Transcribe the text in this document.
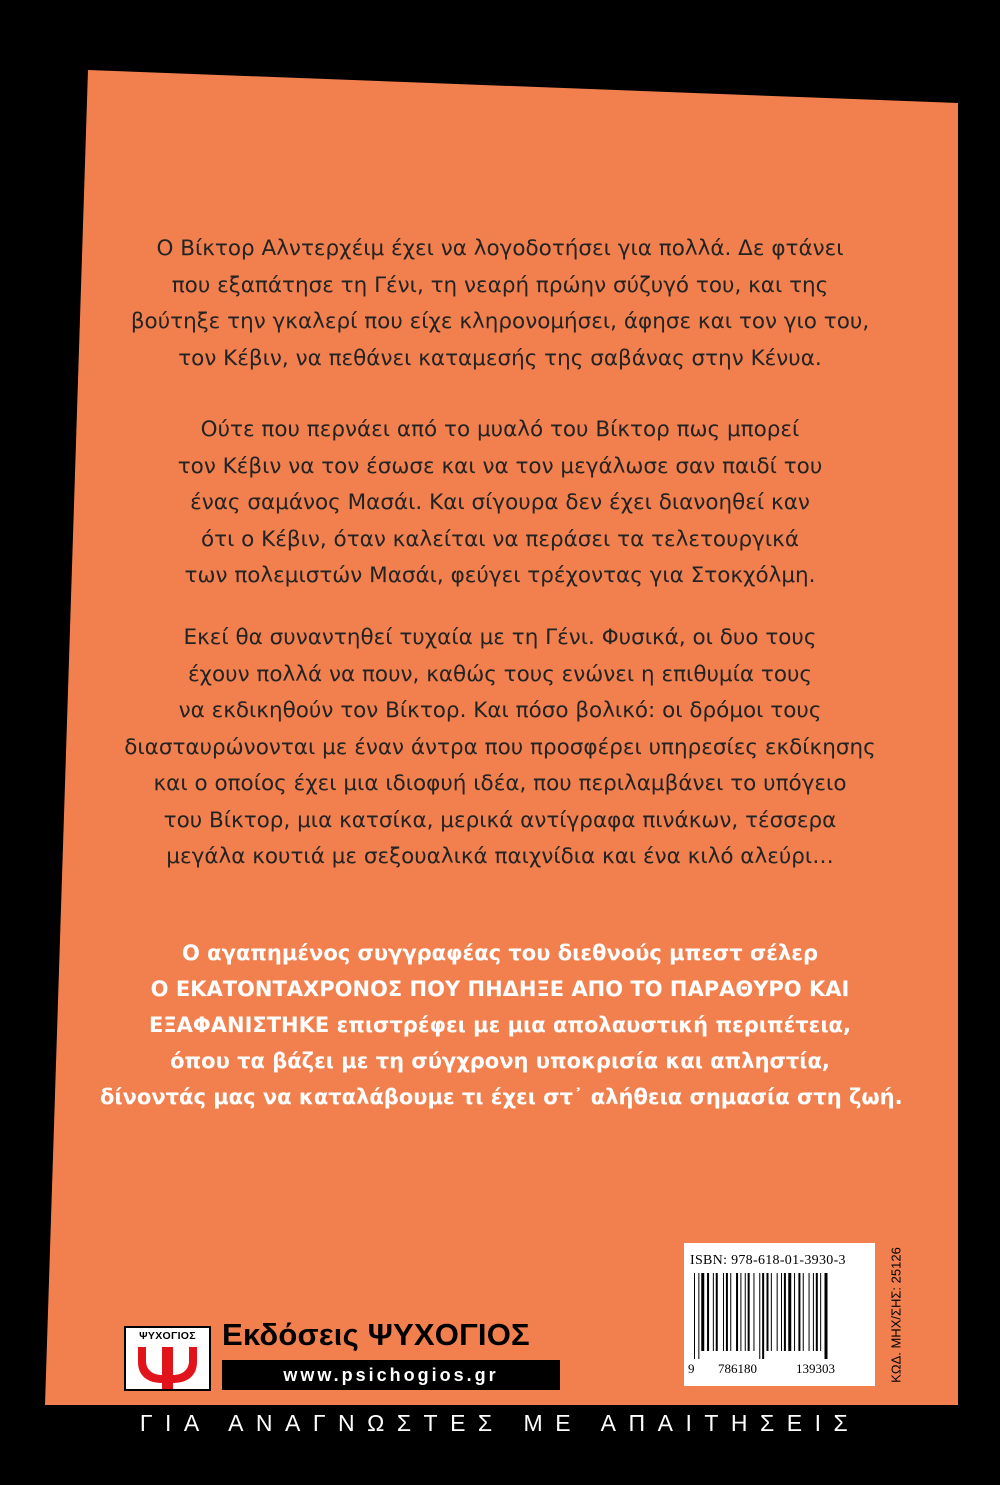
Ο Βίκτορ Αλντερχέιμ έχει να λογοδοτήσει για πολλά. Δε φτάνει
που εξαπάτησε τη Γένι, τη νεαρή πρώην σύζυγό του, και της
βούτηξε την γκαλερί που είχε κληρονομήσει, άφησε και τον γιο του,
τον Κέβιν, να πεθάνει καταμεσής της σαβάνας στην Κένυα.
Ούτε που περνάει από το μυαλό του Βίκτορ πως μπορεί
τον Κέβιν να τον έσωσε και να τον μεγάλωσε σαν παιδί του
ένας σαμάνος Μασάι. Και σίγουρα δεν έχει διανοηθεί καν
ότι ο Κέβιν, όταν καλείται να περάσει τα τελετουργικά
των πολεμιστών Μασάι, φεύγει τρέχοντας για Στοκχόλμη.
Εκεί θα συναντηθεί τυχαία με τη Γένι. Φυσικά, οι δυο τους
έχουν πολλά να πουν, καθώς τους ενώνει η επιθυμία τους
να εκδικηθούν τον Βίκτορ. Και πόσο βολικό: οι δρόμοι τους
διασταυρώνονται με έναν άντρα που προσφέρει υπηρεσίες εκδίκησης
και ο οποίος έχει μια ιδιοφυή ιδέα, που περιλαμβάνει το υπόγειο
του Βίκτορ, μια κατσίκα, μερικά αντίγραφα πινάκων, τέσσερα
μεγάλα κουτιά με σεξουαλικά παιχνίδια και ένα κιλό αλεύρι…
Ο αγαπημένος συγγραφέας του διεθνούς μπεστ σέλερ
Ο ΕΚΑΤΟΝΤΑΧΡΟΝΟΣ ΠΟΥ ΠΗΔΗΞΕ ΑΠΟ ΤΟ ΠΑΡΑΘΥΡΟ ΚΑΙ
ΕΞΑΦΑΝΙΣΤΗΚΕ επιστρέφει με μια απολαυστική περιπέτεια,
όπου τα βάζει με τη σύγχρονη υποκρισία και απληστία,
δίνοντάς μας να καταλάβουμε τι έχει στ᾽ αλήθεια σημασία στη ζωή.
ISBN: 978-618-01-3930-3
9 786180	139303	ΚΩΔ. ΜΗΧ/ΣΗΣ: 25126
ΨΥΧΟΓΙΟΣ Εκδόσεις ΨΥΧΟΓΙΟΣ
www.psichogios.gr
ΓΙΑ ΑΝΑΓΝΩΣΤΕΣ ΜΕ ΑΠΑΙΤΗΣΕΙΣ
